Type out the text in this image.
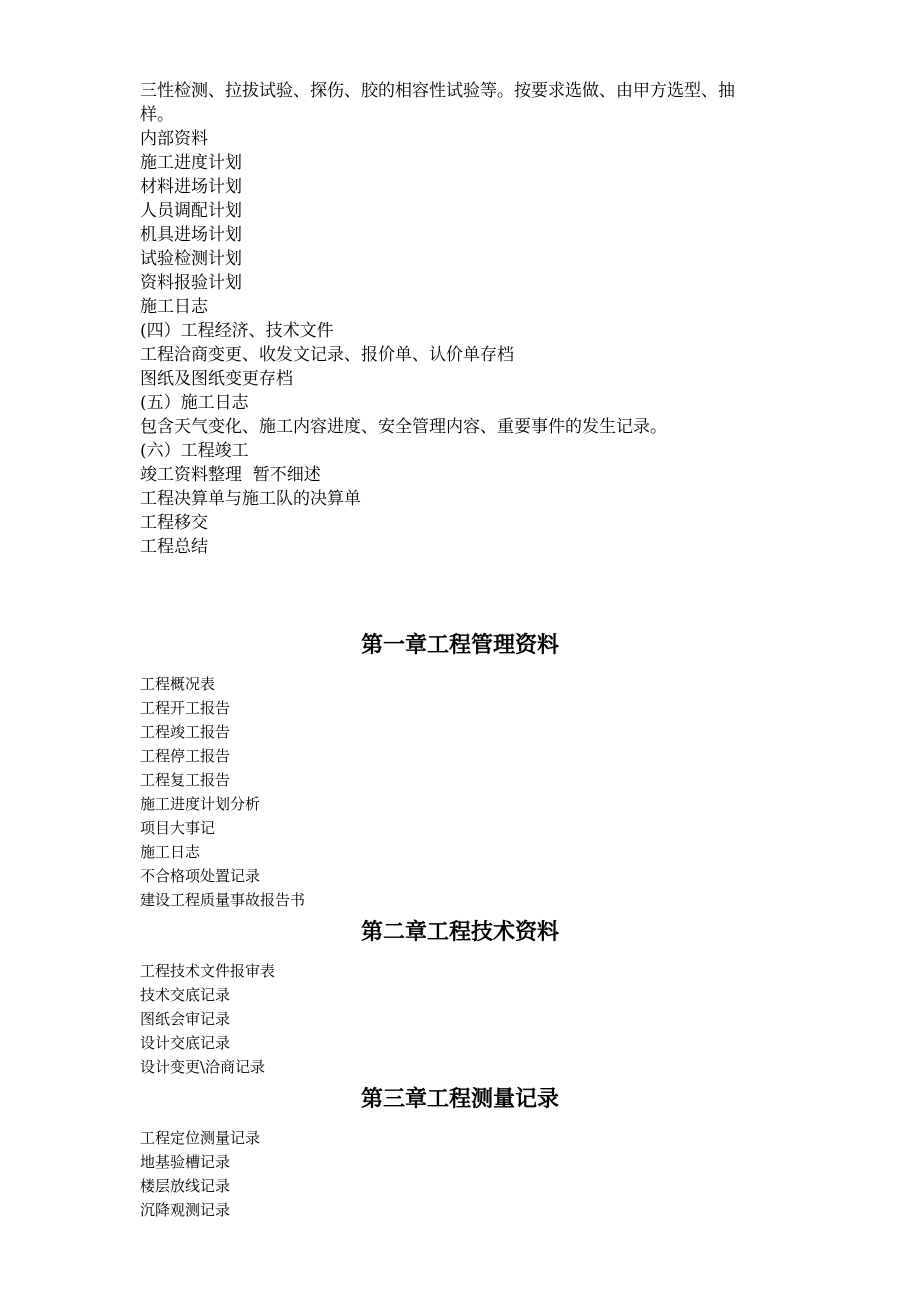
三性检测、拉拔试验、探伤、胶的相容性试验等。按要求选做、由甲方选型、抽

样。

内部资料

施工进度计划

材料进场计划

人员调配计划

机具进场计划

试验检测计划

资料报验计划

施工日志

(四）工程经济、技术文件

工程洽商变更、收发文记录、报价单、认价单存档

图纸及图纸变更存档

(五）施工日志

包含天气变化、施工内容进度、安全管理内容、重要事件的发生记录。

(六）工程竣工

竣工资料整理  暂不细述

工程决算单与施工队的决算单

工程移交

工程总结

第一章工程管理资料
工程概况表
工程开工报告
工程竣工报告
工程停工报告
工程复工报告
施工进度计划分析
项目大事记
施工日志
不合格项处置记录
建设工程质量事故报告书
第二章工程技术资料
工程技术文件报审表
技术交底记录
图纸会审记录
设计交底记录
设计变更\洽商记录
第三章工程测量记录
工程定位测量记录
地基验槽记录
楼层放线记录
沉降观测记录
